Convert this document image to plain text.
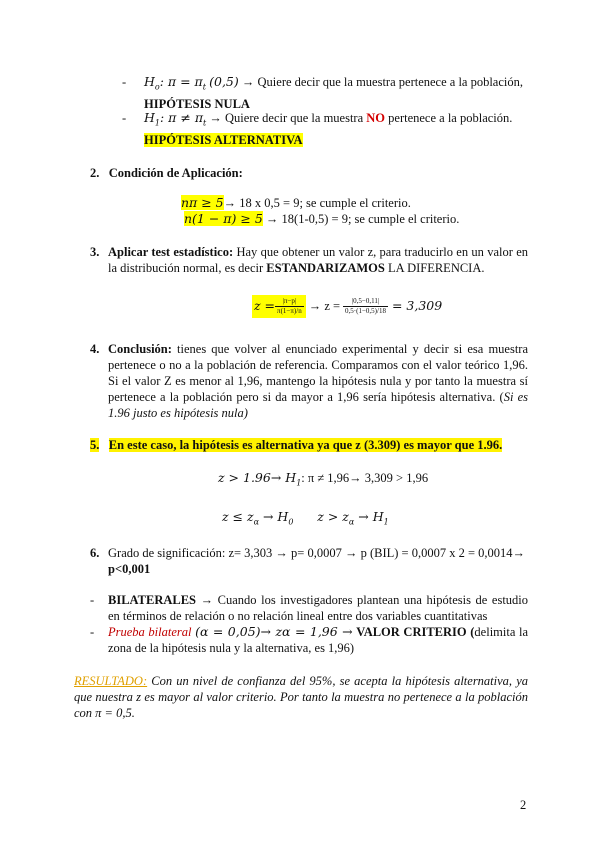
-	$H_o$: $\pi = \pi_t$ (0,5) → Quiere decir que la muestra pertenece a la población,
HIPÓTESIS NULA
- $H_1$: $\pi \ne \pi_t$ → Quiere decir que la muestra NO pertenece a la población.
HIPÓTESIS ALTERNATIVA
2. Condición de Aplicación:
nπ ≥ 5→ 18 x 0,5 = 9; se cumple el criterio.
n(1 − π) ≥ 5 → 18(1-0,5) = 9; se cumple el criterio.
3. Aplicar test estadístico: Hay que obtener un valor z, para traducirlo en un valor en la distribución normal, es decir ESTANDARIZAMOS LA DIFERENCIA.
$z = \frac{|\pi-p|}{\pi(1-\pi)/n} \to z = \frac{|0,5-0,11|}{0,5\cdot(1-0,5)/18} = 3,309$
4. Conclusión: tienes que volver al enunciado experimental y decir si esa muestra pertenece o no a la población de referencia. Comparamos con el valor teórico 1,96. Si el valor Z es menor al 1,96, mantengo la hipótesis nula y por tanto la muestra sí pertenece a la población pero si da mayor a 1,96 sería hipótesis alternativa. (Si es 1.96 justo es hipótesis nula)
5. En este caso, la hipótesis es alternativa ya que z (3.309) es mayor que 1.96.
$z > 1.96\to H_1$: π ≠ 1,96→ 3,309 > 1,96
$z \le z_\alpha \to H_0$ $z > z_\alpha \to H_1$
6. Grado de significación: z= 3,303 → p= 0,0007 → p (BIL) = 0,0007 x 2 = 0,0014→
p<0,001
-	BILATERALES → Cuando los investigadores plantean una hipótesis de estudio en términos de relación o no relación lineal entre dos variables cuantitativas
-	Prueba bilateral (α = 0,05)→ zα = 1,96 → VALOR CRITERIO (delimita la zona de la hipótesis nula y la alternativa, es 1,96)
RESULTADO: Con un nivel de confianza del 95%, se acepta la hipótesis alternativa, ya que nuestra z es mayor al valor criterio. Por tanto la muestra no pertenece a la población con π = 0,5.
2
